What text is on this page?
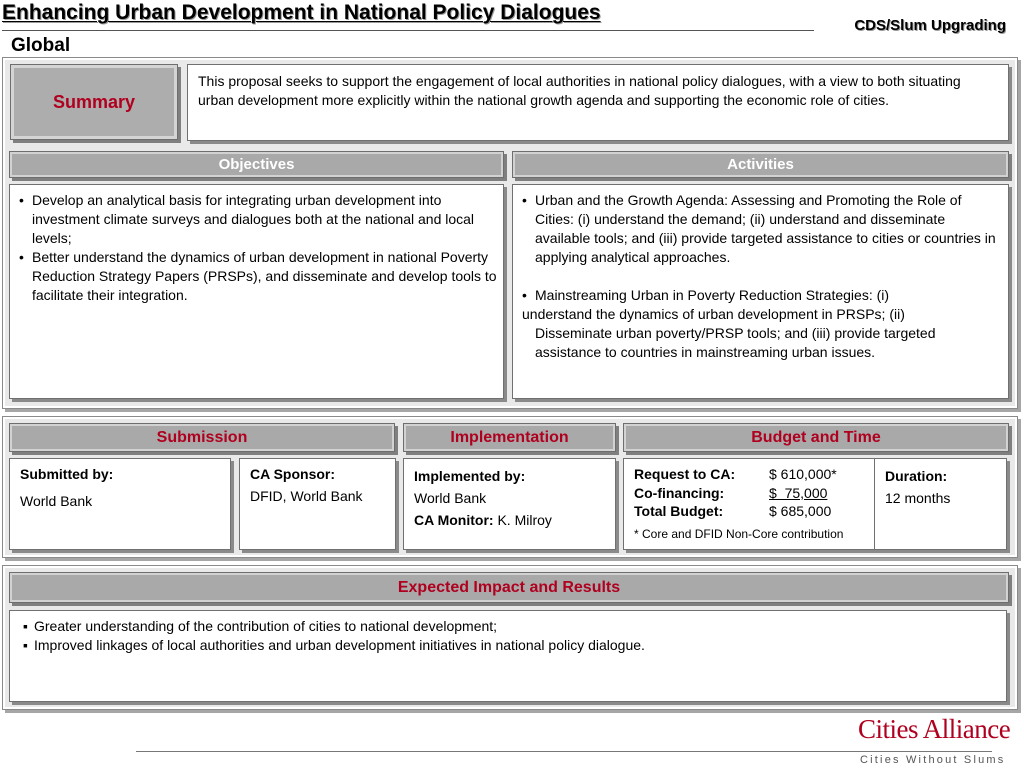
Enhancing Urban Development in National Policy Dialogues
CDS/Slum Upgrading
Global
Summary
This proposal seeks to support the engagement of local authorities in national policy dialogues, with a view to both situating urban development more explicitly within the national growth agenda and supporting the economic role of cities.
Objectives	Activities
• Develop an analytical basis for integrating urban development into investment climate surveys and dialogues both at the national and local levels;
• Better understand the dynamics of urban development in national Poverty Reduction Strategy Papers (PRSPs), and disseminate and develop tools to facilitate their integration.
• Urban and the Growth Agenda: Assessing and Promoting the Role of Cities: (i) understand the demand; (ii) understand and disseminate available tools; and (iii) provide targeted assistance to cities or countries in applying analytical approaches.
• Mainstreaming Urban in Poverty Reduction Strategies: (i)
understand the dynamics of urban development in PRSPs; (ii)
Disseminate urban poverty/PRSP tools; and (iii) provide targeted assistance to countries in mainstreaming urban issues.
Submission	Implementation	Budget and Time
Submitted by:
World Bank
CA Sponsor:
DFID, World Bank
Implemented by:
World Bank
CA Monitor: K. Milroy
Request to CA:	$ 610,000*
Co-financing:	$  75,000
Total Budget:	$ 685,000
* Core and DFID Non-Core contribution
Duration:
12 months
Expected Impact and Results
▪ Greater understanding of the contribution of cities to national development;
▪ Improved linkages of local authorities and urban development initiatives in national policy dialogue.
Cities Alliance
Cities Without Slums
